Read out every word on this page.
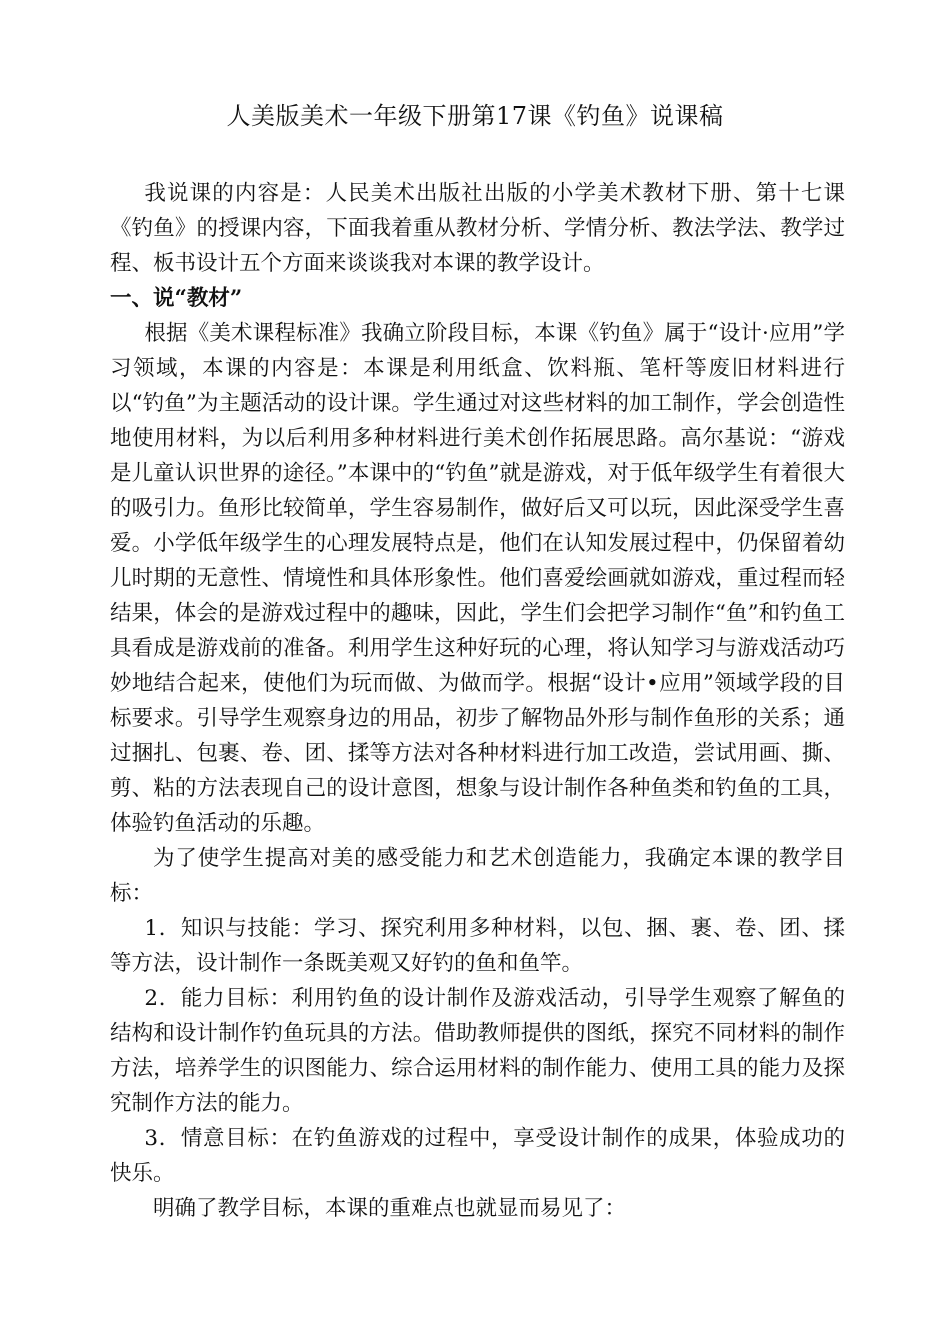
人美版美术一年级下册第17课《钓鱼》说课稿

我说课的内容是：人民美术出版社出版的小学美术教材下册、第十七课《钓鱼》的授课内容，下面我着重从教材分析、学情分析、教法学法、教学过程、板书设计五个方面来谈谈我对本课的教学设计。

一、说“教材”

根据《美术课程标准》我确立阶段目标，本课《钓鱼》属于“设计·应用”学习领域，本课的内容是：本课是利用纸盒、饮料瓶、笔杆等废旧材料进行以“钓鱼”为主题活动的设计课。学生通过对这些材料的加工制作，学会创造性地使用材料，为以后利用多种材料进行美术创作拓展思路。高尔基说：“游戏是儿童认识世界的途径。”本课中的“钓鱼”就是游戏，对于低年级学生有着很大的吸引力。鱼形比较简单，学生容易制作，做好后又可以玩，因此深受学生喜爱。小学低年级学生的心理发展特点是，他们在认知发展过程中，仍保留着幼儿时期的无意性、情境性和具体形象性。他们喜爱绘画就如游戏，重过程而轻结果，体会的是游戏过程中的趣味，因此，学生们会把学习制作“鱼”和钓鱼工具看成是游戏前的准备。利用学生这种好玩的心理，将认知学习与游戏活动巧妙地结合起来，使他们为玩而做、为做而学。根据“设计•应用”领域学段的目标要求。引导学生观察身边的用品，初步了解物品外形与制作鱼形的关系；通过捆扎、包裹、卷、团、揉等方法对各种材料进行加工改造，尝试用画、撕、剪、粘的方法表现自己的设计意图，想象与设计制作各种鱼类和钓鱼的工具，体验钓鱼活动的乐趣。

为了使学生提高对美的感受能力和艺术创造能力，我确定本课的教学目标：

1．知识与技能：学习、探究利用多种材料，以包、捆、裹、卷、团、揉等方法，设计制作一条既美观又好钓的鱼和鱼竿。

2．能力目标：利用钓鱼的设计制作及游戏活动，引导学生观察了解鱼的结构和设计制作钓鱼玩具的方法。借助教师提供的图纸，探究不同材料的制作方法，培养学生的识图能力、综合运用材料的制作能力、使用工具的能力及探究制作方法的能力。

3．情意目标：在钓鱼游戏的过程中，享受设计制作的成果，体验成功的快乐。

明确了教学目标，本课的重难点也就显而易见了：
